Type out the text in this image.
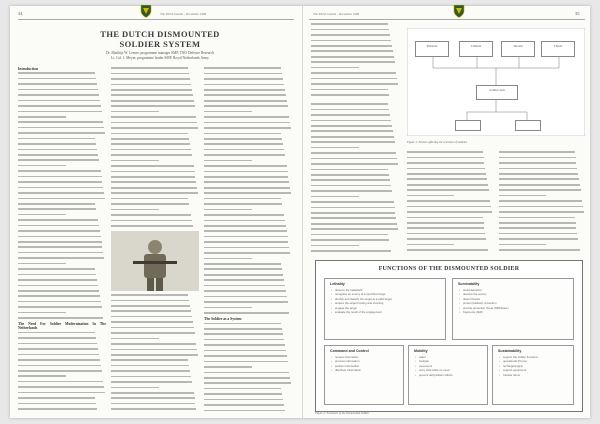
34	The RUSI Journal - December 1998
THE DUTCH DISMOUNTED
SOLDIER SYSTEM
Dr. Matthijs W. Lenser, programme manager SMP, TNO Defence Research
Lt. Col. J. Meyer, programme leader SMP, Royal Netherlands Army
Introduction
The Need For Soldier Modernization In The Netherlands
The Soldier as a System
The RUSI Journal - December 1998	35
Mission	Climate	Terrain	Threat
Soldier unit
Figure 1: Factors affecting the selection of modules
FUNCTIONS OF THE DISMOUNTED SOLDIER
Lethality
• observe the battlefield
• recognise an enemy at a specified range
• identify and classify the target at a valid target
• acquire the target binding and shooting
• engage the target
• evaluate the result of the engagement
Survivability
• avoid detection
• deceive the enemy
• detect threats
• protect (ballistic) protection
• provide protection threat (NBC/laser)
• fragments (IED)
Command and Control
• receive information
• process information
• position information
• distribute information
Mobility
• water
• fuel/gas
• movement
• carry load while on move
• prevent dehydration effects
Sustainability
• support the soldier functions
• operational (fit) use
• recharge/supply
• support equipment
• transfer items
Figure 2: Functions of the Dismounted Soldier
